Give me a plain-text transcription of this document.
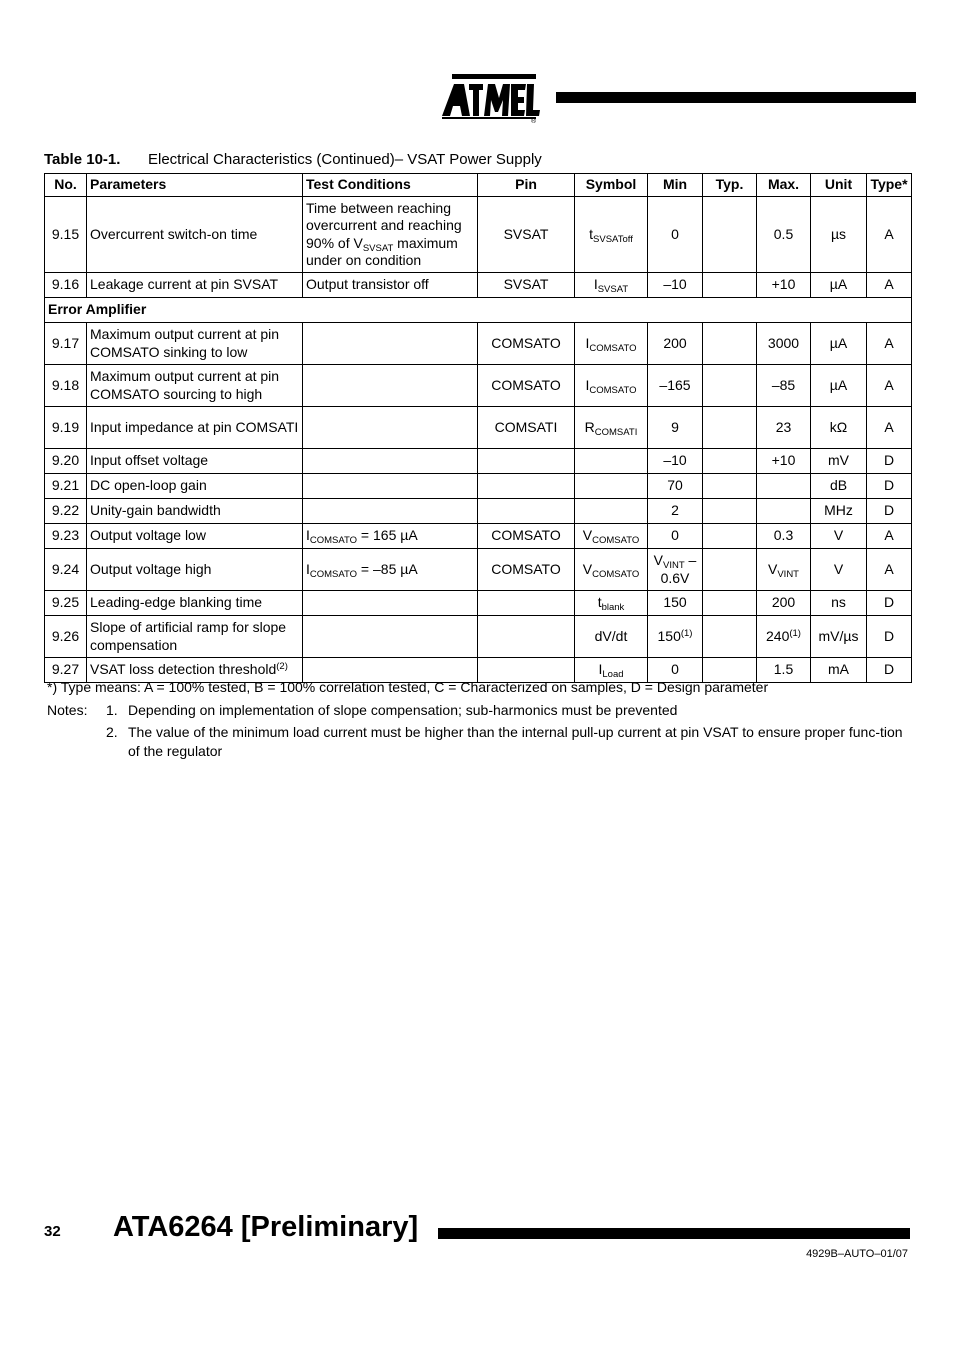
®
Table 10-1. Electrical Characteristics (Continued)– VSAT Power Supply
No.	Parameters	Test Conditions	Pin	Symbol	Min	Typ.	Max.	Unit	Type*
9.15	Overcurrent switch-on time	Time between reaching overcurrent and reaching 90% of $V_{SVSAT}$ maximum under on condition	SVSAT	$t_{SVSAToff}$	0		0.5	µs	A
9.16	Leakage current at pin SVSAT	Output transistor off	SVSAT	$I_{SVSAT}$	–10		+10	µA	A
Error Amplifier									
9.17	Maximum output current at pin COMSATO sinking to low		COMSATO	$I_{COMSATO}$	200		3000	µA	A
9.18	Maximum output current at pin COMSATO sourcing to high		COMSATO	$I_{COMSATO}$	–165		–85	µA	A
9.19	Input impedance at pin COMSATI		COMSATI	$R_{COMSATI}$	9		23	kΩ	A
9.20	Input offset voltage				–10		+10	mV	D
9.21	DC open-loop gain				70			dB	D
9.22	Unity-gain bandwidth				2			MHz	D
9.23	Output voltage low	$I_{COMSATO} = 165$ µA	COMSATO	$V_{COMSATO}$	0		0.3	V	A
9.24	Output voltage high	$I_{COMSATO} = -85$ µA	COMSATO	$V_{COMSATO}$	$V_{VINT} - 0.6V$		$V_{VINT}$	V	A
9.25	Leading-edge blanking time			$t_{blank}$	150		200	ns	D
9.26	Slope of artificial ramp for slope compensation			dV/dt	150$^{(1)}$		240$^{(1)}$	mV/µs	D
9.27	VSAT loss detection threshold$^{(2)}$			$I_{Load}$	0		1.5	mA	D
*) Type means: A = 100% tested, B = 100% correlation tested, C = Characterized on samples, D = Design parameter
Notes: 1. Depending on implementation of slope compensation; sub-harmonics must be prevented
2. The value of the minimum load current must be higher than the internal pull-up current at pin VSAT to ensure proper func-tion of the regulator
32 ATA6264 [Preliminary]
4929B–AUTO–01/07
